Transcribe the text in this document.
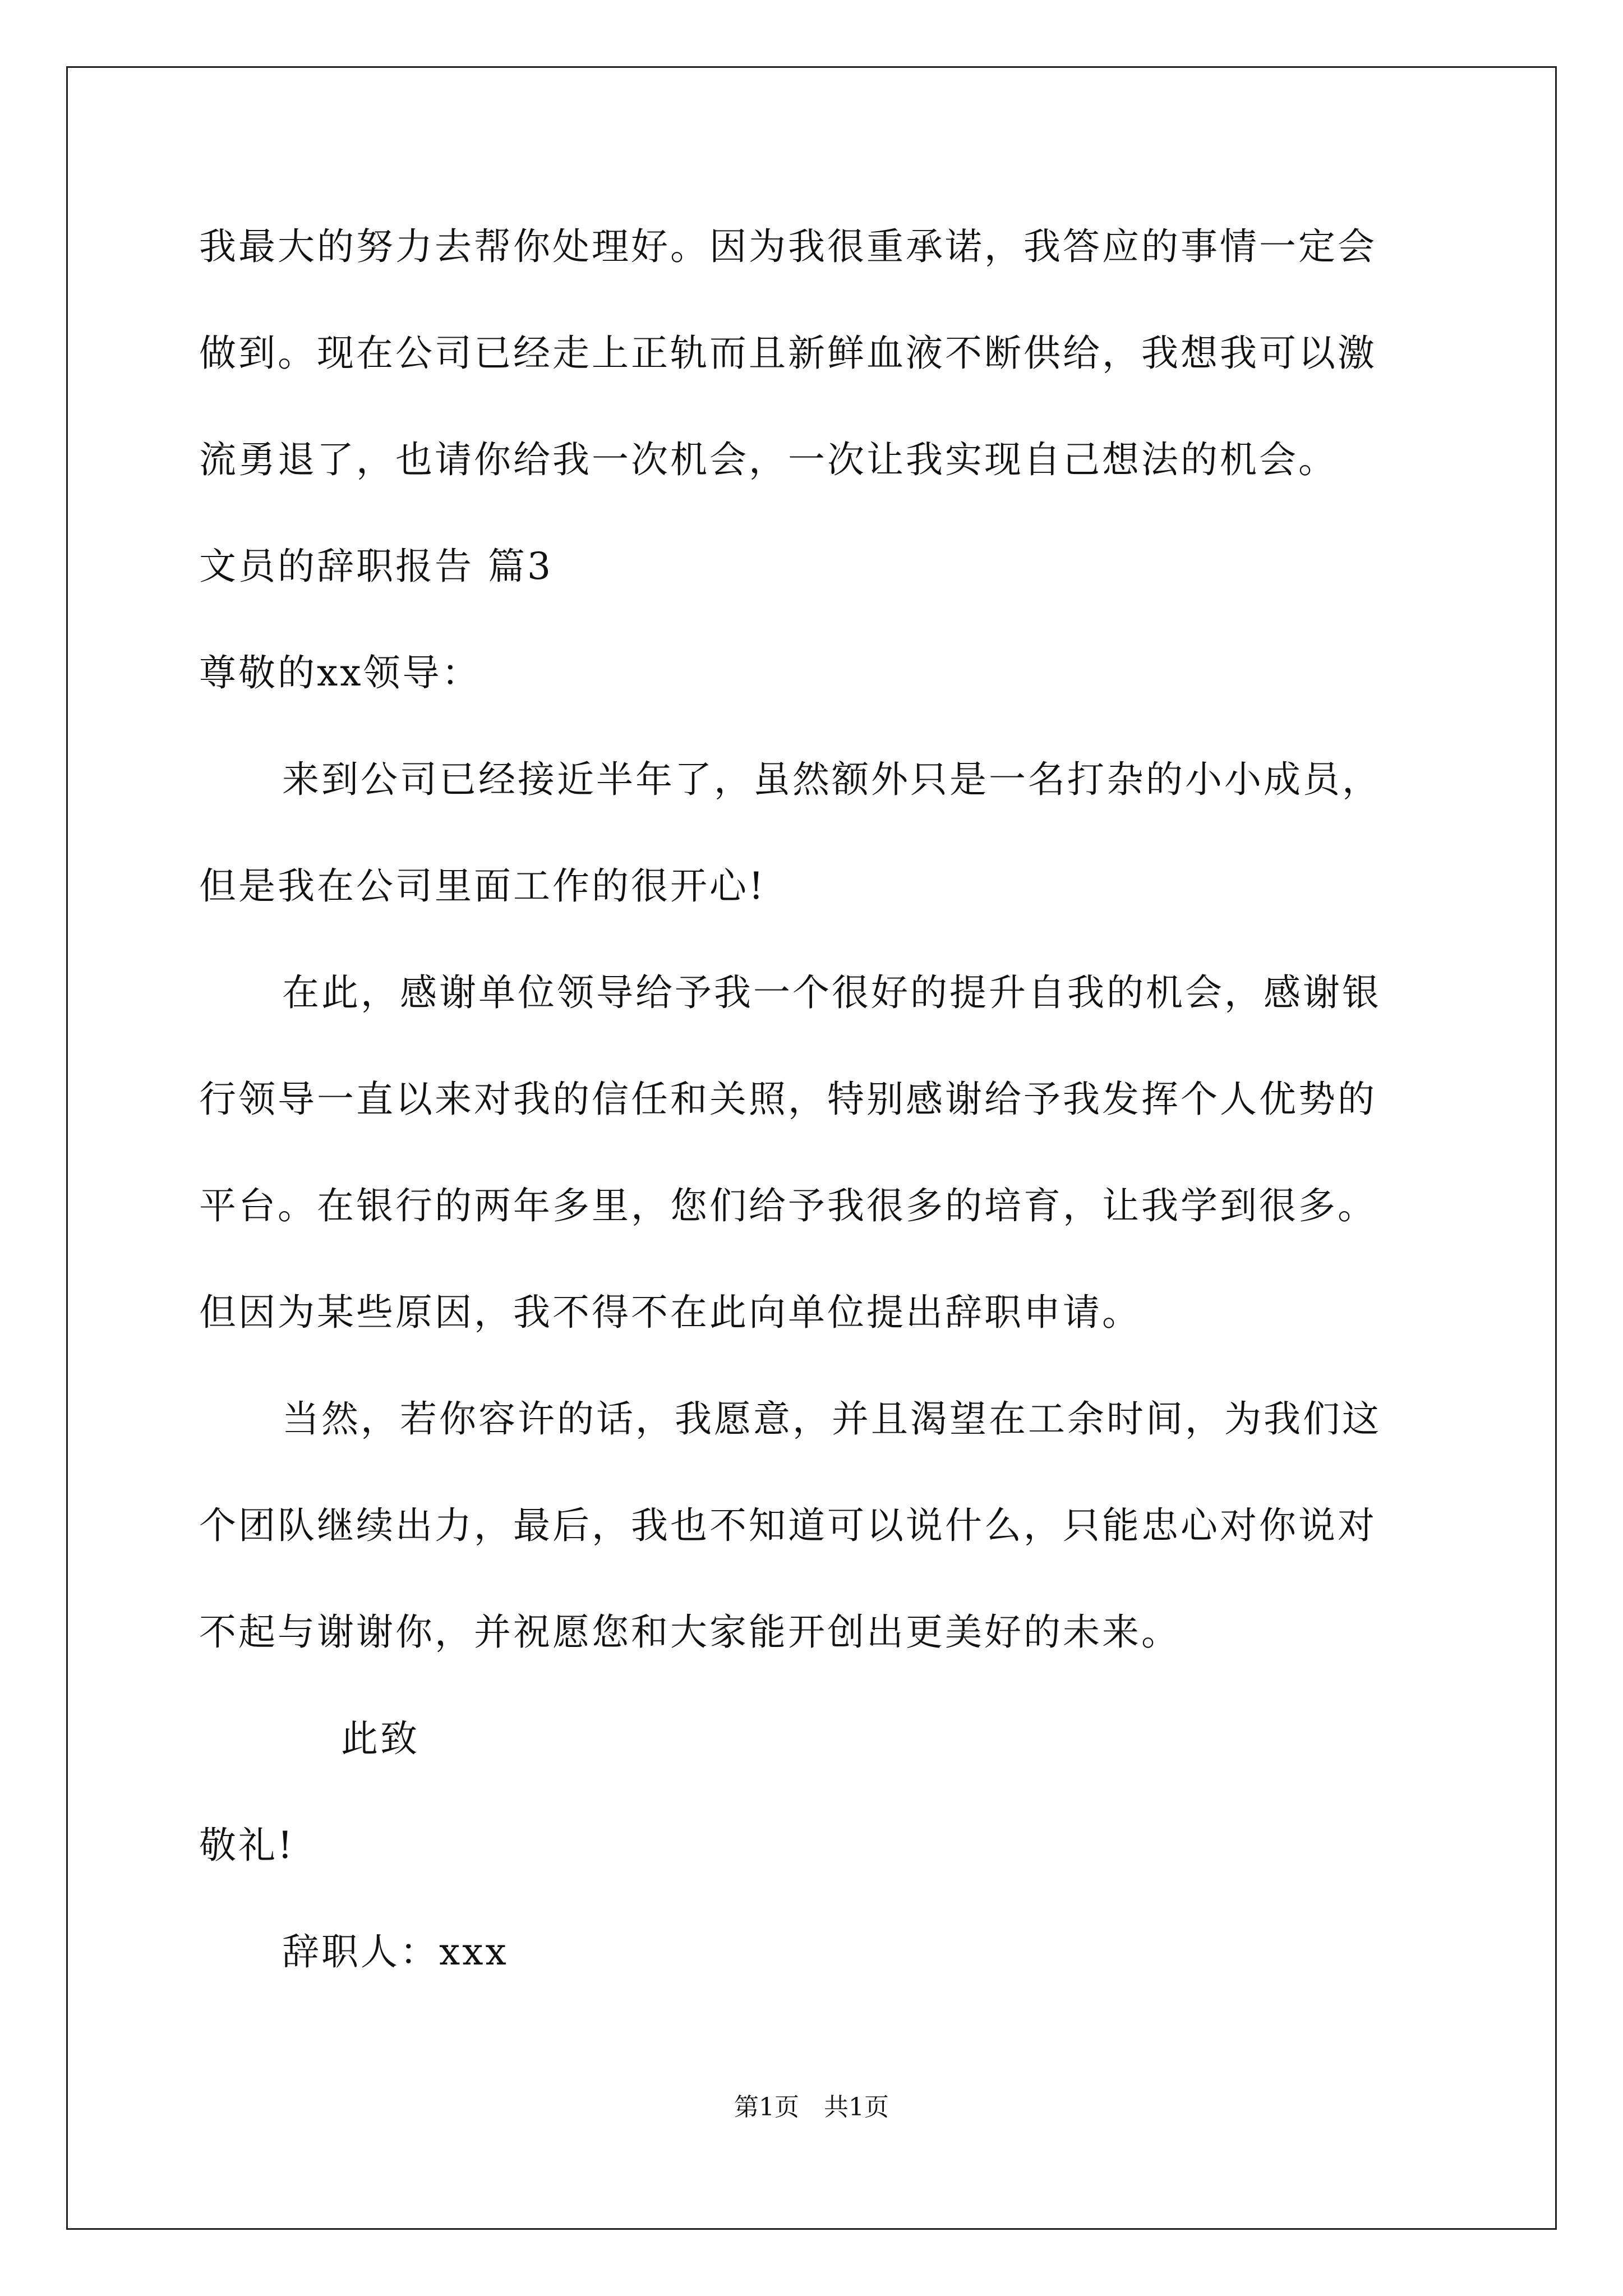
我最大的努力去帮你处理好。因为我很重承诺，我答应的事情一定会
做到。现在公司已经走上正轨而且新鲜血液不断供给，我想我可以激
流勇退了，也请你给我一次机会，一次让我实现自己想法的机会。
文员的辞职报告 篇3
尊敬的xx领导：
来到公司已经接近半年了，虽然额外只是一名打杂的小小成员，
但是我在公司里面工作的很开心!
在此，感谢单位领导给予我一个很好的提升自我的机会，感谢银
行领导一直以来对我的信任和关照，特别感谢给予我发挥个人优势的
平台。在银行的两年多里，您们给予我很多的培育，让我学到很多。
但因为某些原因，我不得不在此向单位提出辞职申请。
当然，若你容许的话，我愿意，并且渴望在工余时间，为我们这
个团队继续出力，最后，我也不知道可以说什么，只能忠心对你说对
不起与谢谢你，并祝愿您和大家能开创出更美好的未来。
此致
敬礼!
辞职人：xxx
第1页 共1页
